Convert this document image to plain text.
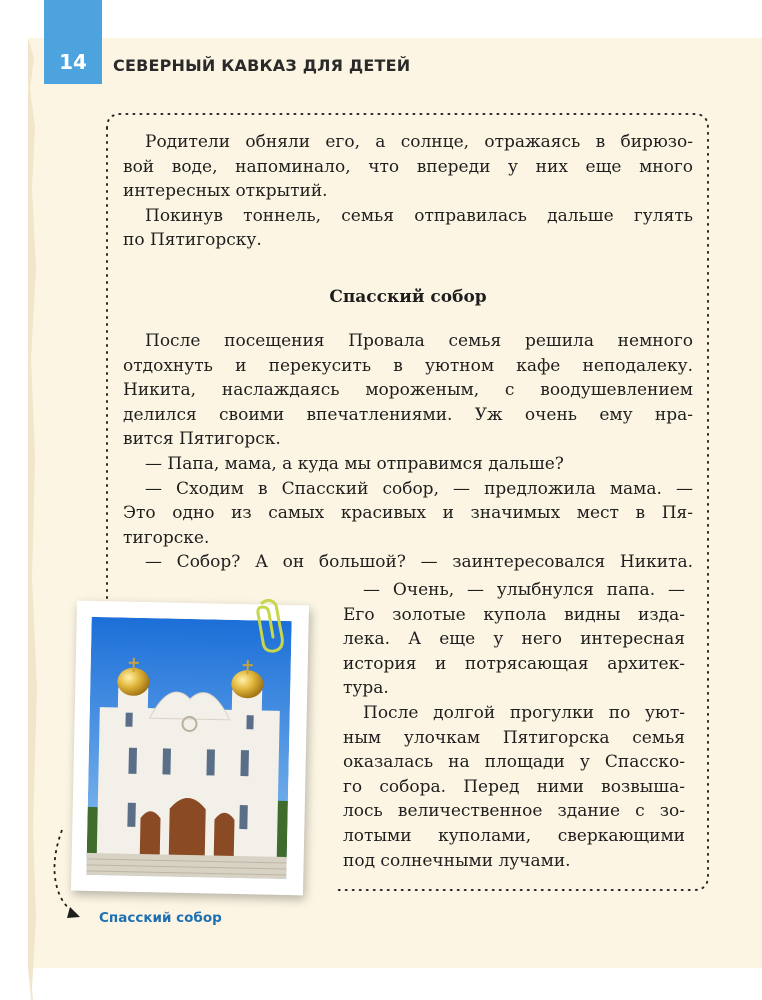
14	СЕВЕРНЫЙ КАВКАЗ ДЛЯ ДЕТЕЙ
Родители обняли его, а солнце, отражаясь в бирюзо-
вой воде, напоминало, что впереди у них еще много
интересных открытий.
Покинув тоннель, семья отправилась дальше гулять
по Пятигорску.
Спасский собор
После посещения Провала семья решила немного
отдохнуть и перекусить в уютном кафе неподалеку.
Никита, наслаждаясь мороженым, с воодушевлением
делился своими впечатлениями. Уж очень ему нра-
вится Пятигорск.
— Папа, мама, а куда мы отправимся дальше?
— Сходим в Спасский собор, — предложила мама. —
Это одно из самых красивых и значимых мест в Пя-
тигорске.
— Собор? А он большой? — заинтересовался Никита.
— Очень, — улыбнулся папа. —
Его золотые купола видны изда-
лека. А еще у него интересная
история и потрясающая архитек-
тура.
После долгой прогулки по уют-
ным улочкам Пятигорска семья
оказалась на площади у Спасско-
го собора. Перед ними возвыша-
лось величественное здание с зо-
лотыми куполами, сверкающими
под солнечными лучами.
Спасский собор
